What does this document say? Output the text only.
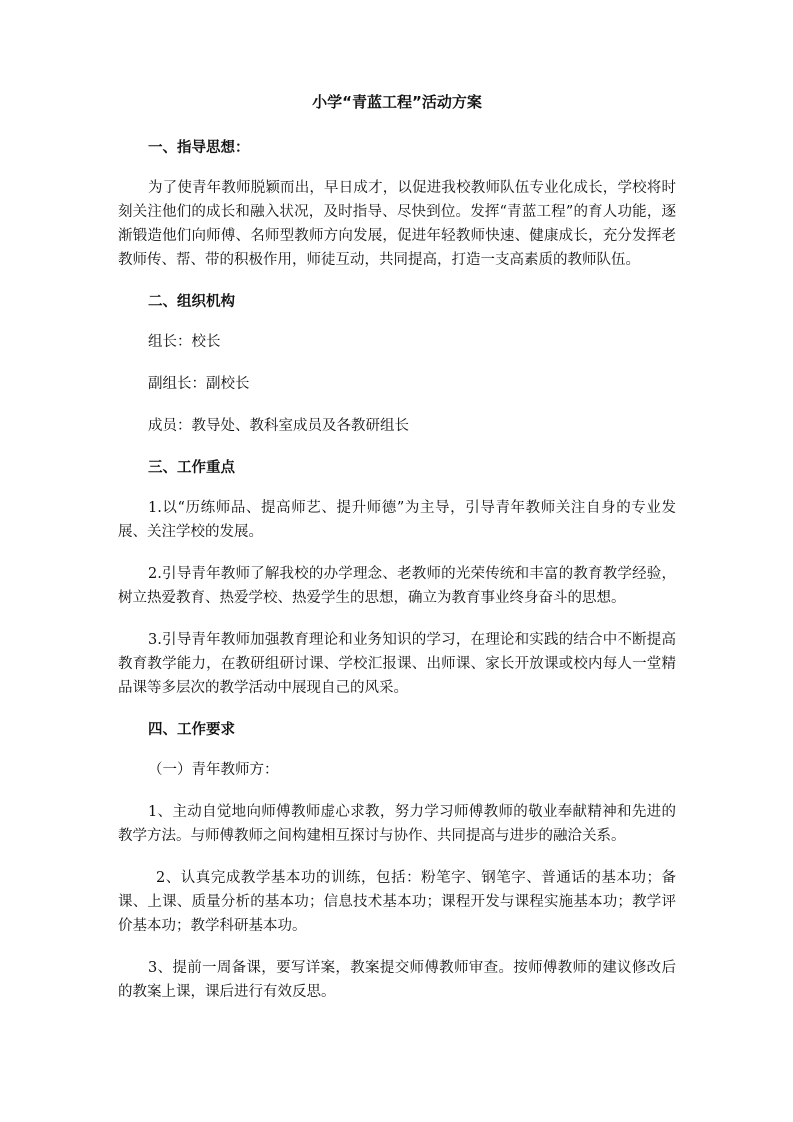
小学“青蓝工程”活动方案
一、指导思想：
为了使青年教师脱颖而出，早日成才，以促进我校教师队伍专业化成长，学校将时刻关注他们的成长和融入状况，及时指导、尽快到位。发挥“青蓝工程”的育人功能，逐渐锻造他们向师傅、名师型教师方向发展，促进年轻教师快速、健康成长，充分发挥老教师传、帮、带的积极作用，师徒互动，共同提高，打造一支高素质的教师队伍。
二、组织机构
组长：校长
副组长：副校长
成员：教导处、教科室成员及各教研组长
三、工作重点
1.以“历练师品、提高师艺、提升师德”为主导，引导青年教师关注自身的专业发展、关注学校的发展。
2.引导青年教师了解我校的办学理念、老教师的光荣传统和丰富的教育教学经验，树立热爱教育、热爱学校、热爱学生的思想，确立为教育事业终身奋斗的思想。
3.引导青年教师加强教育理论和业务知识的学习，在理论和实践的结合中不断提高教育教学能力，在教研组研讨课、学校汇报课、出师课、家长开放课或校内每人一堂精品课等多层次的教学活动中展现自己的风采。
四、工作要求
（一）青年教师方：
1、主动自觉地向师傅教师虚心求教，努力学习师傅教师的敬业奉献精神和先进的教学方法。与师傅教师之间构建相互探讨与协作、共同提高与进步的融洽关系。
2、认真完成教学基本功的训练，包括：粉笔字、钢笔字、普通话的基本功；备课、上课、质量分析的基本功；信息技术基本功；课程开发与课程实施基本功；教学评价基本功；教学科研基本功。
3、提前一周备课，要写详案，教案提交师傅教师审查。按师傅教师的建议修改后的教案上课，课后进行有效反思。
